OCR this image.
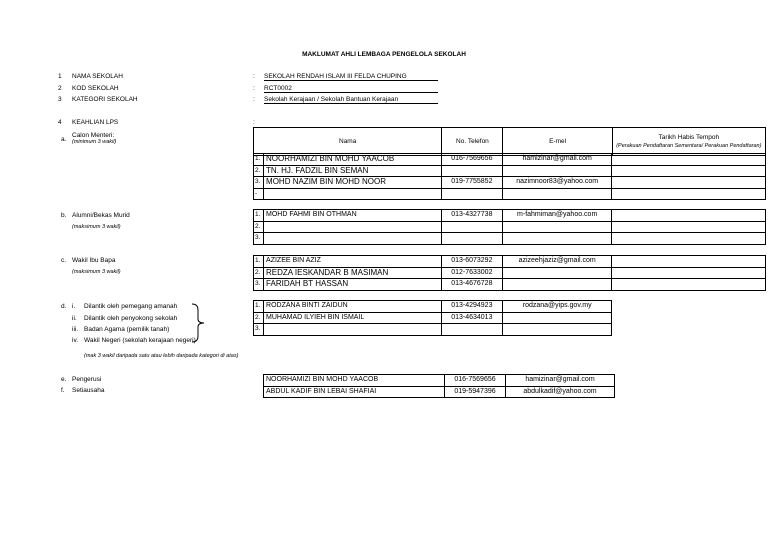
MAKLUMAT AHLI LEMBAGA PENGELOLA SEKOLAH
1 NAMA SEKOLAH	: SEKOLAH RENDAH ISLAM III FELDA CHUPING
2 KOD SEKOLAH	: RCT0002
3 KATEGORI SEKOLAH	: Sekolah Kerajaan / Sekolah Bantuan Kerajaan
4 KEAHLIAN LPS	:
a.
Calon Menteri:
(minimum 3 wakil)	Nama	No. Telefon	E-mel	Tarikh Habis Tempoh
(Perakuan Pendaftaran Sementara/ Perakuan Pendaftaran)
1.	NOORHAMIZI BIN MOHD YAACOB	016-7569656	hamizinar@gmail.com	
2.	TN. HJ. FADZIL BIN SEMAN			
3.	MOHD NAZIM BIN MOHD NOOR	019-7755852	nazimnoor83@yahoo.com	
-				
b. Alumni/Bekas Murid
(maksimum 3 wakil)
1.	MOHD FAHMI BIN OTHMAN	013-4327738	m-fahmiman@yahoo.com	
2.				
3.				
c. Wakil Ibu Bapa
(maksimum 3 wakil)
1.	AZIZEE BIN AZIZ	013-6073292	azizeehjaziz@gmail.com	
2.	REDZA IESKANDAR B MASIMAN	012-7633002		
3.	FARIDAH BT HASSAN	013-4676728		
d. i. Dilantik oleh pemegang amanah
ii. Dilantik oleh penyokong sekolah
iii. Badan Agama (pemilik tanah)
iv. Wakil Negeri (sekolah kerajaan negeri)
(mak 3 wakil daripada satu atau lebih daripada kategori di atas)
1.	RODZANA BINTI ZAIDUN	013-4294923	rodzana@yips.gov.my	
2.	MUHAMAD ILYIEH BIN ISMAIL	013-4634013		
3.				
e. Pengerusi
f. Setiausaha
NOORHAMIZI BIN MOHD YAACOB	016-7569656	hamizinar@gmail.com
ABDUL KADIF BIN LEBAI SHAFIAI	019-5947396	abdulkadif@yahoo.com
